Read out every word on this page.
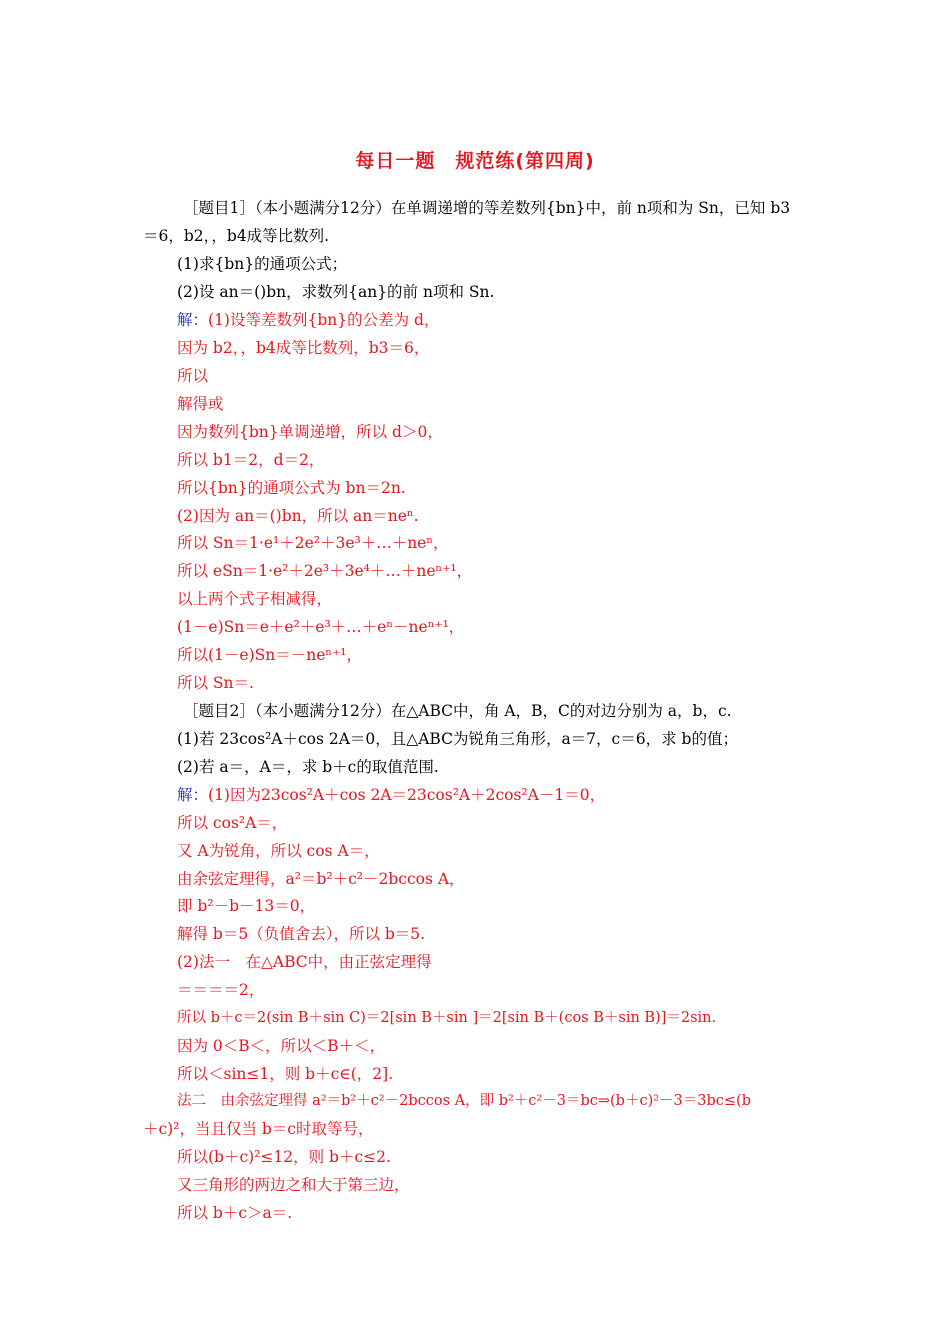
每日一题　规范练(第四周)
［题目1］（本小题满分12分）在单调递增的等差数列{bn}中，前 n项和为 Sn，已知 b3
＝6，b2，，b4成等比数列.
(1)求{bn}的通项公式；
(2)设 an＝()bn，求数列{an}的前 n项和 Sn.
解：(1)设等差数列{bn}的公差为 d，
因为 b2，，b4成等比数列，b3＝6，
所以
解得或
因为数列{bn}单调递增，所以 d＞0，
所以 b1＝2，d＝2，
所以{bn}的通项公式为 bn＝2n.
(2)因为 an＝()bn，所以 an＝neⁿ.
所以 Sn＝1·e¹＋2e²＋3e³＋…＋neⁿ，
所以 eSn＝1·e²＋2e³＋3e⁴＋…＋neⁿ⁺¹，
以上两个式子相减得，
(1－e)Sn＝e＋e²＋e³＋…＋eⁿ－neⁿ⁺¹，
所以(1－e)Sn＝－neⁿ⁺¹，
所以 Sn＝.
［题目2］（本小题满分12分）在△ABC中，角 A，B，C的对边分别为 a，b，c.
(1)若 23cos²A＋cos 2A＝0，且△ABC为锐角三角形，a＝7，c＝6，求 b的值；
(2)若 a＝，A＝，求 b＋c的取值范围.
解：(1)因为23cos²A＋cos 2A＝23cos²A＋2cos²A－1＝0，
所以 cos²A＝，
又 A为锐角，所以 cos A＝，
由余弦定理得，a²＝b²＋c²－2bccos A，
即 b²－b－13＝0，
解得 b＝5（负值舍去），所以 b＝5.
(2)法一　在△ABC中，由正弦定理得
＝＝＝＝2，
所以 b＋c＝2(sin B＋sin C)＝2[sin B＋sin ]＝2[sin B＋(cos B＋sin B)]＝2sin.
因为 0＜B＜，所以＜B＋＜，
所以＜sin≤1，则 b＋c∈(，2].
法二　由余弦定理得 a²＝b²＋c²－2bccos A，即 b²＋c²－3＝bc⇒(b＋c)²－3＝3bc≤(b
＋c)²，当且仅当 b＝c时取等号，
所以(b＋c)²≤12，则 b＋c≤2.
又三角形的两边之和大于第三边，
所以 b＋c＞a＝.
